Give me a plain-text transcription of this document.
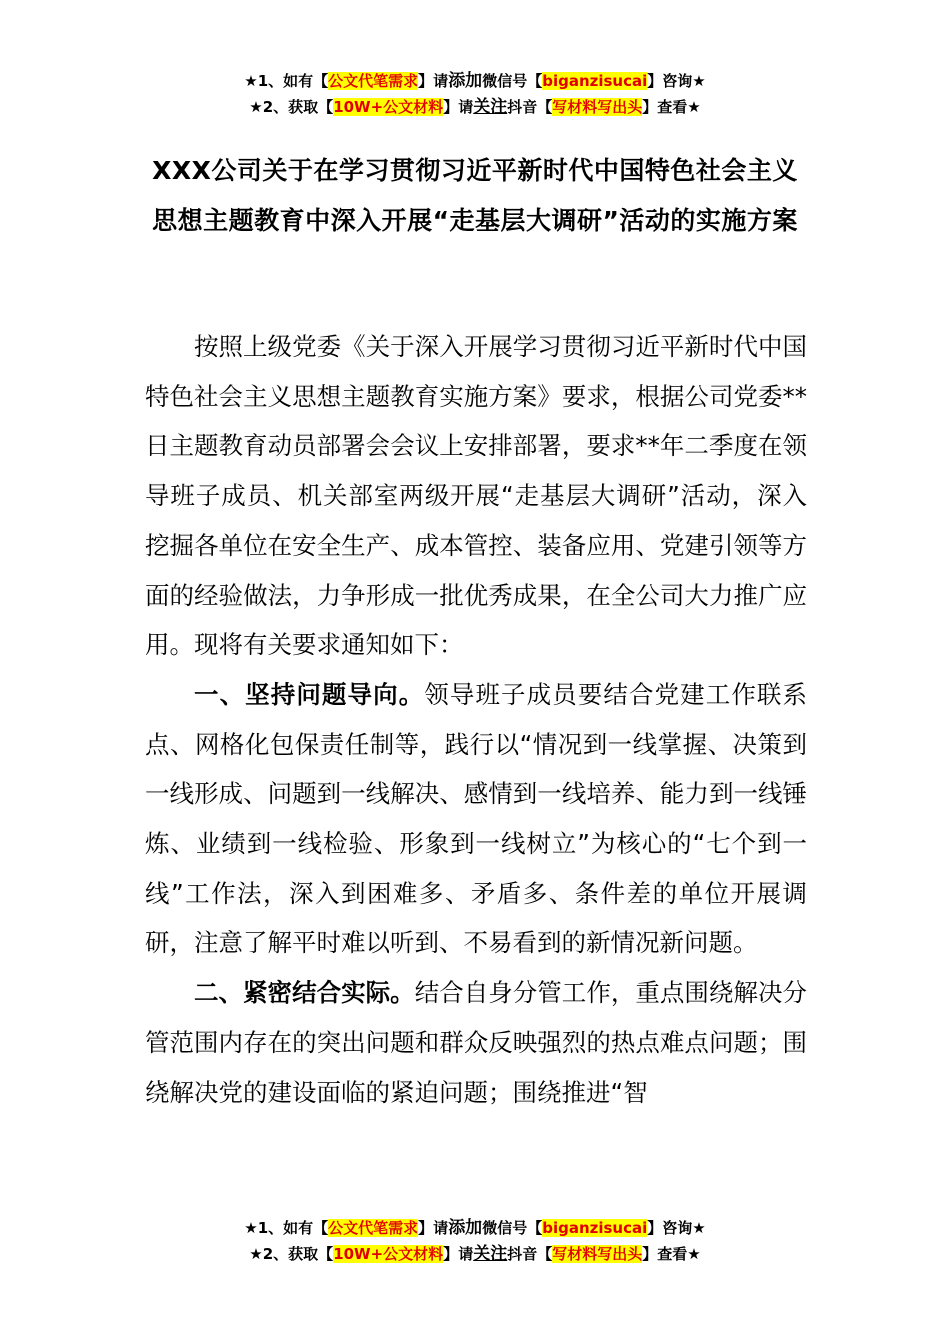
★1、如有【公文代笔需求】请添加微信号【biganzisucai】咨询★
★2、获取【10W+公文材料】请关注抖音【写材料写出头】查看★
XXX公司关于在学习贯彻习近平新时代中国特色社会主义思想主题教育中深入开展“走基层大调研”活动的实施方案

按照上级党委《关于深入开展学习贯彻习近平新时代中国特色社会主义思想主题教育实施方案》要求，根据公司党委**日主题教育动员部署会会议上安排部署，要求**年二季度在领导班子成员、机关部室两级开展“走基层大调研”活动，深入挖掘各单位在安全生产、成本管控、装备应用、党建引领等方面的经验做法，力争形成一批优秀成果，在全公司大力推广应用。现将有关要求通知如下：

一、坚持问题导向。领导班子成员要结合党建工作联系点、网格化包保责任制等，践行以“情况到一线掌握、决策到一线形成、问题到一线解决、感情到一线培养、能力到一线锤炼、业绩到一线检验、形象到一线树立”为核心的“七个到一线”工作法，深入到困难多、矛盾多、条件差的单位开展调研，注意了解平时难以听到、不易看到的新情况新问题。

二、紧密结合实际。结合自身分管工作，重点围绕解决分管范围内存在的突出问题和群众反映强烈的热点难点问题；围绕解决党的建设面临的紧迫问题；围绕推进“智

★1、如有【公文代笔需求】请添加微信号【biganzisucai】咨询★
★2、获取【10W+公文材料】请关注抖音【写材料写出头】查看★
